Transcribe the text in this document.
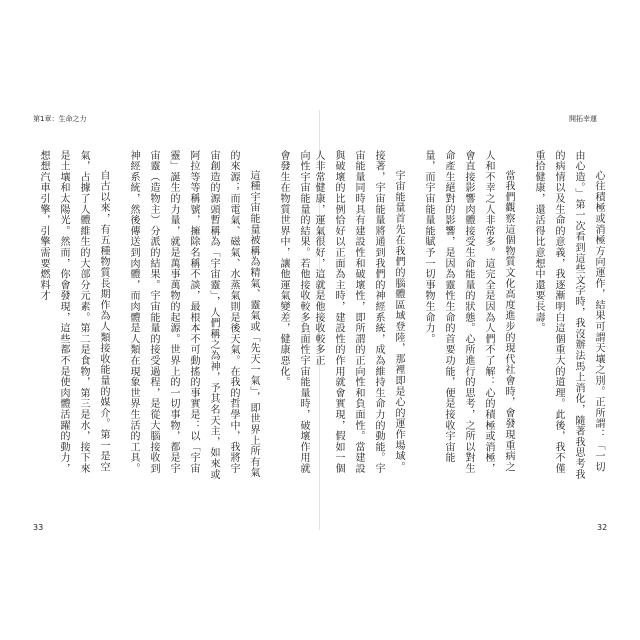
第1章：生命之力

向性宇宙能量的結果。若他接收較多負面性宇宙能量時，破壞作用就會發生在物質世界中，讓他運氣變差，健康惡化。

這種宇宙能量被稱為精氣、靈氣或「先天一氣」，即世界上所有氣的來源；而電氣、磁氣、水蒸氣則是後天氣。在我的哲學中，我將宇宙創造的源頭暫稱為「宇宙靈」，人們稱之為神，予其名天主，如來或阿拉等等稱號，擁除名稱不談，最根本不可動搖的事實是：以「宇宙靈」誕生的力量，就是萬事萬物的起源。世界上的一切事物，都是宇宙靈（造物主）分派的結果。宇宙能量的接受過程，是從大腦接收到神經系統，然後傳送到肉體，而肉體是人類在現象世界生活的工具。

自古以來，有五種物質長期作為人類接收能量的媒介。第一是空氣，占據了人體維生的大部分元素。第二是食物，第三是水，接下來是土壤和太陽光。然而，你會發現，這些都不是使肉體活躍的動力，想想汽車引擎，引擎需要燃料才

33
開拓幸運

心往積極或消極方向運作，結果可謂天壤之別。正所謂：「一切由心造。」第一次看到這些文字時，我沒辦法馬上消化，隨著我思考我的病情以及生命的意義，我逐漸明白這個重大的道理。此後，我不僅重拾健康，還活得比意想中還要長壽。

當我們觀察這個物質文化高度進步的現代社會時，會發現重病之人和不幸之人非常多。這完全是因為人們不了解：心的積極或消極，會直接影響肉體接受生命能量的狀態。心所進行的思考，之所以對生命產生絕對的影響，是因為靈性生命的首要功能，便是接收宇宙能量，而宇宙能量能賦予一切事物生命力。

宇宙能量首先在我們的腦體區域登陸，那裡即是心的運作場域。接著，宇宙能量將通到我們的神經系統，成為維持生命力的動能。宇宙能量同時具有建設性和破壞性，即所謂的正向性和負面性。當建設與破壞的比例恰好以正面為主時，建設性的作用就會實現，假如一個人非常健康，運氣很好，這就是他接收較多正

32
